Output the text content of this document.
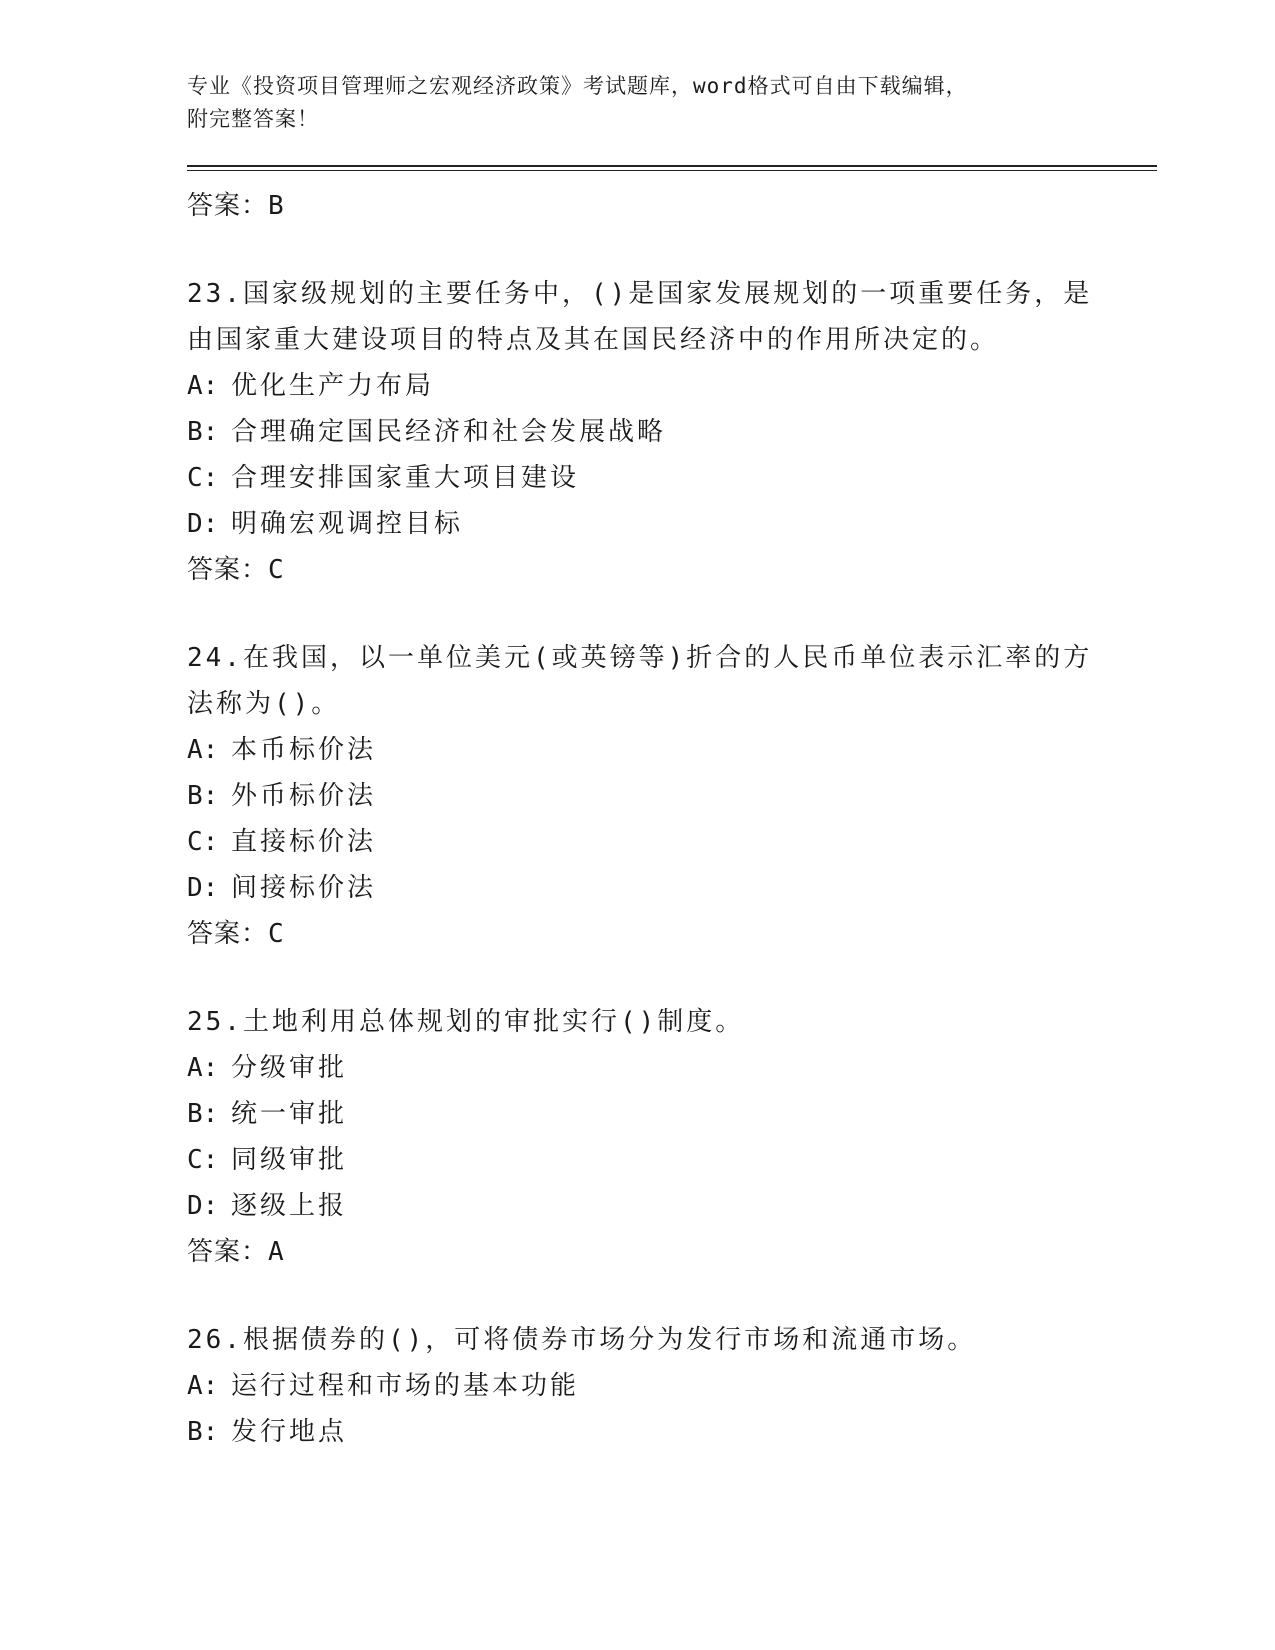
专业《投资项目管理师之宏观经济政策》考试题库，word格式可自由下载编辑，

附完整答案！

答案：B

23.国家级规划的主要任务中，()是国家发展规划的一项重要任务，是

由国家重大建设项目的特点及其在国民经济中的作用所决定的。

A: 优化生产力布局
B: 合理确定国民经济和社会发展战略
C: 合理安排国家重大项目建设
D: 明确宏观调控目标

答案：C

24.在我国，以一单位美元(或英镑等)折合的人民币单位表示汇率的方

法称为()。

A: 本币标价法
B: 外币标价法
C: 直接标价法
D: 间接标价法

答案：C

25.土地利用总体规划的审批实行()制度。

A: 分级审批
B: 统一审批
C: 同级审批
D: 逐级上报

答案：A

26.根据债券的()，可将债券市场分为发行市场和流通市场。

A: 运行过程和市场的基本功能
B: 发行地点
